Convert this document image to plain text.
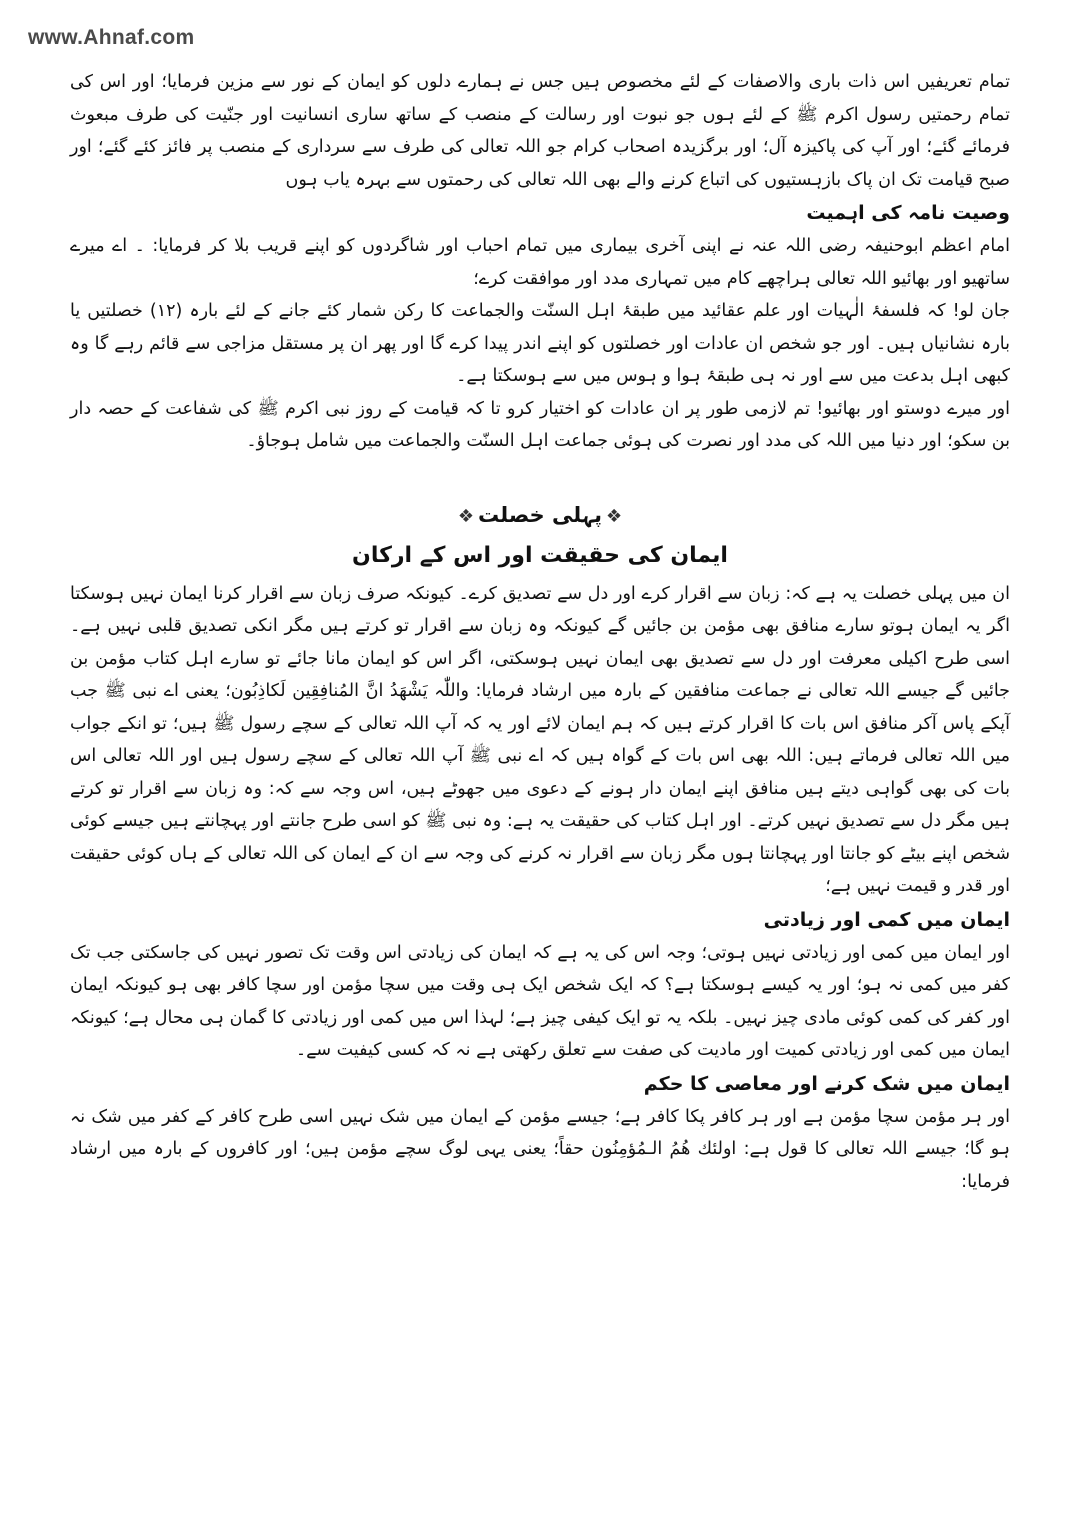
www.Ahnaf.com

تمام تعریفیں اس ذات باری والاصفات کے لئے مخصوص ہیں جس نے ہمارے دلوں کو ایمان کے نور سے مزین فرمایا؛ اور اس کی تمام رحمتیں رسول اکرم ﷺ کے لئے ہوں جو نبوت اور رسالت کے منصب کے ساتھ ساری انسانیت اور جنّیت کی طرف مبعوث فرمائے گئے؛ اور آپ کی پاکیزہ آل؛ اور برگزیدہ اصحاب کرام جو اللہ تعالی کی طرف سے سرداری کے منصب پر فائز کئے گئے؛ اور صبح قیامت تک ان پاک بازہستیوں کی اتباع کرنے والے بھی اللہ تعالی کی رحمتوں سے بہرہ یاب ہوں

وصیت نامہ کی اہمیت

امام اعظم ابوحنیفہ رضی اللہ عنہ نے اپنی آخری بیماری میں تمام احباب اور شاگردوں کو اپنے قریب بلا کر فرمایا: ۔ اے میرے ساتھیو اور بھائیو اللہ تعالی ہراچھے کام میں تمہاری مدد اور موافقت کرے؛

جان لو! کہ فلسفۂ الٰہیات اور علم عقائید میں طبقۂ اہل السنّت والجماعت کا رکن شمار کئے جانے کے لئے بارہ (۱۲) خصلتیں یا بارہ نشانیاں ہیں۔ اور جو شخص ان عادات اور خصلتوں کو اپنے اندر پیدا کرے گا اور پھر ان پر مستقل مزاجی سے قائم رہے گا وہ کبھی اہل بدعت میں سے اور نہ ہی طبقۂ ہوا و ہوس میں سے ہوسکتا ہے۔

اور میرے دوستو اور بھائیو! تم لازمی طور پر ان عادات کو اختیار کرو تا کہ قیامت کے روز نبی اکرم ﷺ کی شفاعت کے حصہ دار بن سکو؛ اور دنیا میں اللہ کی مدد اور نصرت کی ہوئی جماعت اہل السنّت والجماعت میں شامل ہوجاؤ۔

❖پہلی خصلت❖

ایمان کی حقیقت اور اس کے ارکان

ان میں پہلی خصلت یہ ہے کہ: زبان سے اقرار کرے اور دل سے تصدیق کرے۔ کیونکہ صرف زبان سے اقرار کرنا ایمان نہیں ہوسکتا اگر یہ ایمان ہوتو سارے منافق بھی مؤمن بن جائیں گے کیونکہ وہ زبان سے اقرار تو کرتے ہیں مگر انکی تصدیق قلبی نہیں ہے۔ اسی طرح اکیلی معرفت اور دل سے تصدیق بھی ایمان نہیں ہوسکتی، اگر اس کو ایمان مانا جائے تو سارے اہل کتاب مؤمن بن جائیں گے جیسے اللہ تعالی نے جماعت منافقین کے بارہ میں ارشاد فرمایا: واللّٰہ یَشْھَدُ انَّ المُنافِقِین لَکاذِبُون؛ یعنی اے نبی ﷺ جب آپکے پاس آکر منافق اس بات کا اقرار کرتے ہیں کہ ہم ایمان لائے اور یہ کہ آپ اللہ تعالی کے سچے رسول ﷺ ہیں؛ تو انکے جواب میں اللہ تعالی فرماتے ہیں: اللہ بھی اس بات کے گواہ ہیں کہ اے نبی ﷺ آپ اللہ تعالی کے سچے رسول ہیں اور اللہ تعالی اس بات کی بھی گواہی دیتے ہیں منافق اپنے ایمان دار ہونے کے دعوی میں جھوٹے ہیں، اس وجہ سے کہ: وہ زبان سے اقرار تو کرتے ہیں مگر دل سے تصدیق نہیں کرتے۔ اور اہل کتاب کی حقیقت یہ ہے: وہ نبی ﷺ کو اسی طرح جانتے اور پہچانتے ہیں جیسے کوئی شخص اپنے بیٹے کو جانتا اور پہچانتا ہوں مگر زبان سے اقرار نہ کرنے کی وجہ سے ان کے ایمان کی اللہ تعالی کے ہاں کوئی حقیقت اور قدر و قیمت نہیں ہے؛

ایمان میں کمی اور زیادتی

اور ایمان میں کمی اور زیادتی نہیں ہوتی؛ وجہ اس کی یہ ہے کہ ایمان کی زیادتی اس وقت تک تصور نہیں کی جاسکتی جب تک کفر میں کمی نہ ہو؛ اور یہ کیسے ہوسکتا ہے؟ کہ ایک شخص ایک ہی وقت میں سچا مؤمن اور سچا کافر بھی ہو کیونکہ ایمان اور کفر کی کمی کوئی مادی چیز نہیں۔ بلکہ یہ تو ایک کیفی چیز ہے؛ لہذا اس میں کمی اور زیادتی کا گمان ہی محال ہے؛ کیونکہ ایمان میں کمی اور زیادتی کمیت اور مادیت کی صفت سے تعلق رکھتی ہے نہ کہ کسی کیفیت سے۔

ایمان میں شک کرنے اور معاصی کا حکم

اور ہر مؤمن سچا مؤمن ہے اور ہر کافر پکا کافر ہے؛ جیسے مؤمن کے ایمان میں شک نہیں اسی طرح کافر کے کفر میں شک نہ ہو گا؛ جیسے اللہ تعالی کا قول ہے: اولئك هُمُ الـمُؤمِنُون حقاً؛ یعنی یہی لوگ سچے مؤمن ہیں؛ اور کافروں کے بارہ میں ارشاد فرمایا:
